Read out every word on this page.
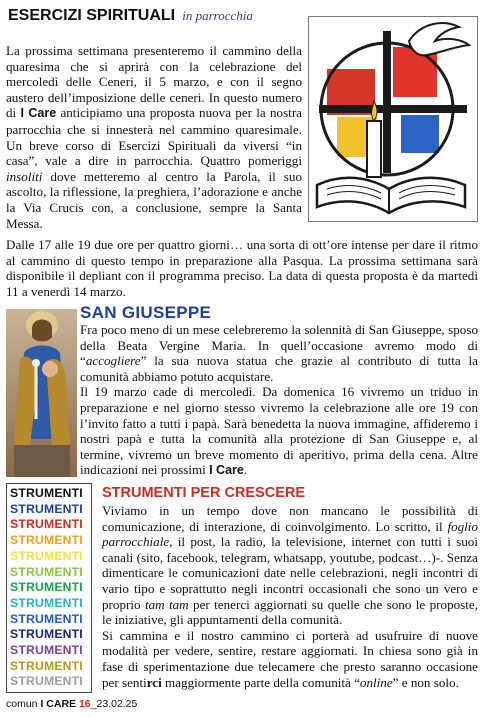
ESERCIZI SPIRITUALI in parrocchia
La prossima settimana presenteremo il cammino della quaresima che si aprirà con la celebrazione del mercoledì delle Ceneri, il 5 marzo, e con il segno austero dell’imposizione delle ceneri. In questo numero di I Care anticipiamo una proposta nuova per la nostra parrocchia che si innesterà nel cammino quaresimale. Un breve corso di Esercizi Spirituali da viversi “in casa”, vale a dire in parrocchia. Quattro pomeriggi insoliti dove metteremo al centro la Parola, il suo ascolto, la riflessione, la preghiera, l’adorazione e anche la Via Crucis con, a conclusione, sempre la Santa Messa.
Dalle 17 alle 19 due ore per quattro giorni… una sorta di ott’ore intense per dare il ritmo al cammino di questo tempo in preparazione alla Pasqua. La prossima settimana sarà disponibile il depliant con il programma preciso. La data di questa proposta è da martedì 11 a venerdì 14 marzo.
SAN GIUSEPPE
Fra poco meno di un mese celebreremo la solennità di San Giuseppe, sposo della Beata Vergine Maria. In quell’occasione avremo modo di “accogliere” la sua nuova statua che grazie al contributo di tutta la comunità abbiamo potuto acquistare.
Il 19 marzo cade di mercoledì. Da domenica 16 vivremo un triduo in preparazione e nel giorno stesso vivremo la celebrazione alle ore 19 con l’invito fatto a tutti i papà. Sarà benedetta la nuova immagine, affideremo i nostri papà e tutta la comunità alla protezione di San Giuseppe e, al termine, vivremo un breve momento di aperitivo, prima della cena. Altre indicazioni nei prossimi I Care.
STRUMENTI
STRUMENTI
STRUMENTI
STRUMENTI
STRUMENTI
STRUMENTI
STRUMENTI
STRUMENTI
STRUMENTI
STRUMENTI
STRUMENTI
STRUMENTI
STRUMENTI
STRUMENTI PER CRESCERE
Viviamo in un tempo dove non mancano le possibilità di comunicazione, di interazione, di coinvolgimento. Lo scritto, il foglio parrocchiale, il post, la radio, la televisione, internet con tutti i suoi canali (sito, facebook, telegram, whatsapp, youtube, podcast…)-. Senza dimenticare le comunicazioni date nelle celebrazioni, negli incontri di vario tipo e soprattutto negli incontri occasionali che sono un vero e proprio tam tam per tenerci aggiornati su quelle che sono le proposte, le iniziative, gli appuntamenti della comunità.
Si cammina e il nostro cammino ci porterà ad usufruire di nuove modalità per vedere, sentire, restare aggiornati. In chiesa sono già in fase di sperimentazione due telecamere che presto saranno occasione per sentirci maggiormente parte della comunità “online” e non solo.
comun I CARE 16_23.02.25
